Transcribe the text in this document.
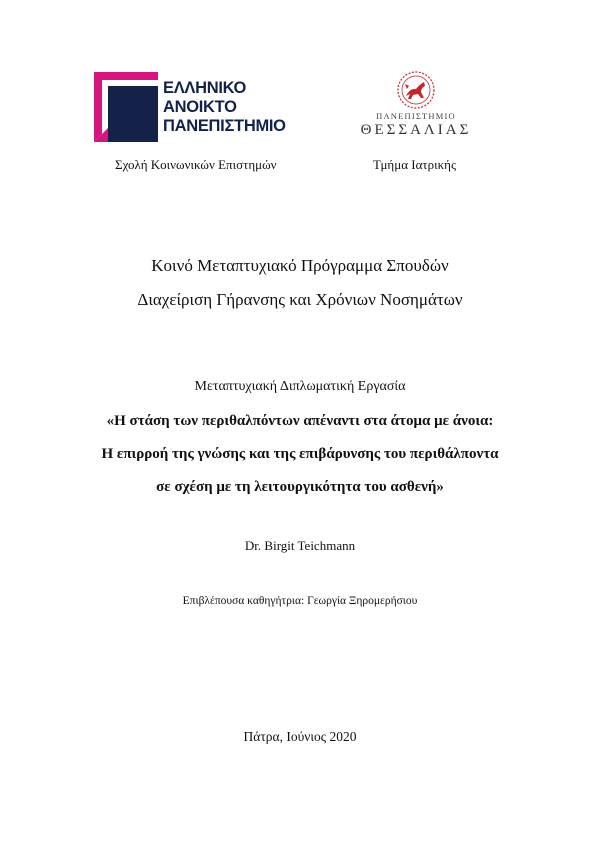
ΕΛΛΗΝΙΚΟ
ΑΝΟΙΚΤΟ
ΠΑΝΕΠΙΣΤΗΜΙΟ
ΠΑΝΕΠΙΣΤΗΜΙΟ
ΘΕΣΣΑΛΙΑΣ
Σχολή Κοινωνικών Επιστημών	Τμήμα Ιατρικής
Κοινό Μεταπτυχιακό Πρόγραμμα Σπουδών
Διαχείριση Γήρανσης και Χρόνιων Νοσημάτων
Μεταπτυχιακή Διπλωματική Εργασία
«Η στάση των περιθαλπόντων απέναντι στα άτομα με άνοια:
Η επιρροή της γνώσης και της επιβάρυνσης του περιθάλποντα
σε σχέση με τη λειτουργικότητα του ασθενή»
Dr. Birgit Teichmann
Επιβλέπουσα καθηγήτρια: Γεωργία Ξηρομερήσιου
Πάτρα, Ιούνιος 2020
